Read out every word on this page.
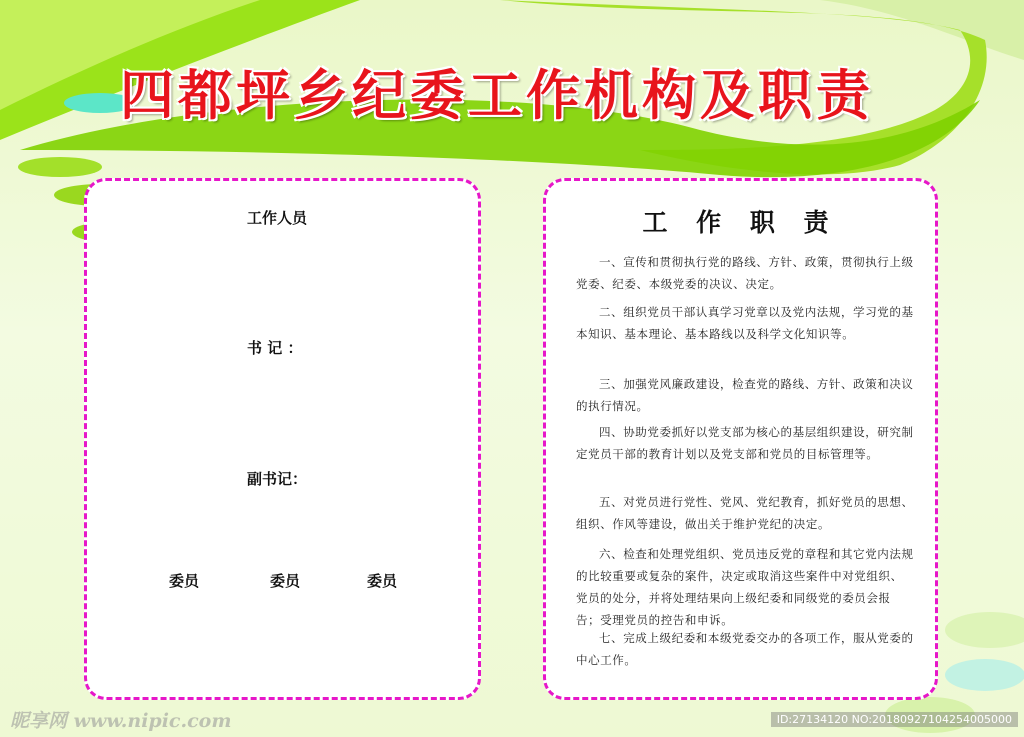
四都坪乡纪委工作机构及职责
工作人员
书 记 ：
副书记：
委员	委员	委员
工 作 职 责

一、宣传和贯彻执行党的路线、方针、政策，贯彻执行上级党委、纪委、本级党委的决议、决定。

二、组织党员干部认真学习党章以及党内法规，学习党的基本知识、基本理论、基本路线以及科学文化知识等。

三、加强党风廉政建设，检查党的路线、方针、政策和决议的执行情况。

四、协助党委抓好以党支部为核心的基层组织建设，研究制定党员干部的教育计划以及党支部和党员的目标管理等。

五、对党员进行党性、党风、党纪教育，抓好党员的思想、组织、作风等建设，做出关于维护党纪的决定。

六、检查和处理党组织、党员违反党的章程和其它党内法规的比较重要或复杂的案件，决定或取消这些案件中对党组织、党员的处分，并将处理结果向上级纪委和同级党的委员会报告；受理党员的控告和申诉。

七、完成上级纪委和本级党委交办的各项工作，服从党委的中心工作。

昵享网 www.nipic.com	ID:27134120 NO:20180927104254005000
